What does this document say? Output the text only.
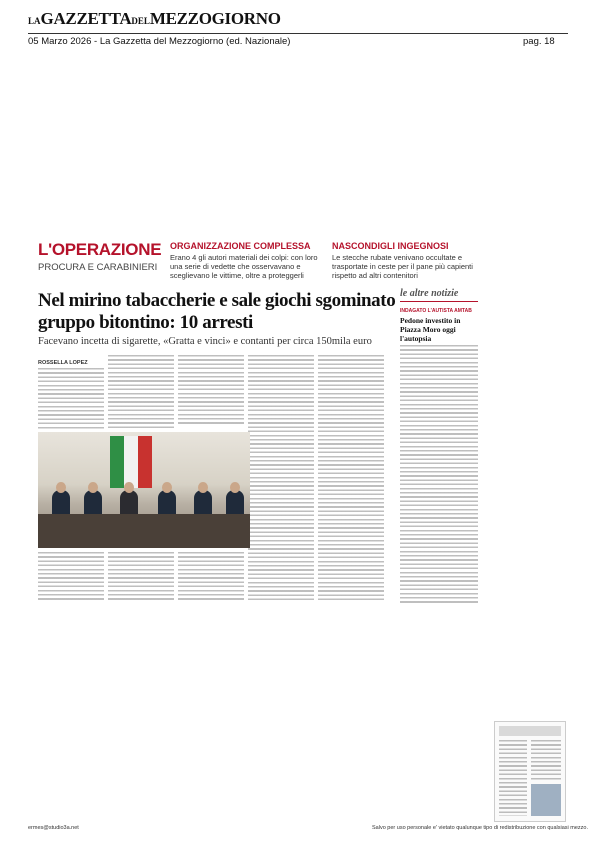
LAGAZZETTADELMEZZOGIORNO
05 Marzo 2026 - La Gazzetta del Mezzogiorno (ed. Nazionale)	pag. 18
L'OPERAZIONE
PROCURA E CARABINIERI
ORGANIZZAZIONE COMPLESSA
Erano 4 gli autori materiali dei colpi: con loro una serie di vedette che osservavano e sceglievano le vittime, oltre a proteggerli
NASCONDIGLI INGEGNOSI
Le stecche rubate venivano occultate e trasportate in ceste per il pane più capienti rispetto ad altri contenitori
Nel mirino tabaccherie e sale giochi sgominato gruppo bitontino: 10 arresti
Facevano incetta di sigarette, «Gratta e vinci» e contanti per circa 150mila euro
ROSSELLA LOPEZ
le altre notizie
INDAGATO L'AUTISTA AMTAB
Pedone investito in Piazza Moro oggi l'autopsia
ermes@studio3a.net	Salvo per uso personale e' vietato qualunque tipo di redistribuzione con qualsiasi mezzo.
